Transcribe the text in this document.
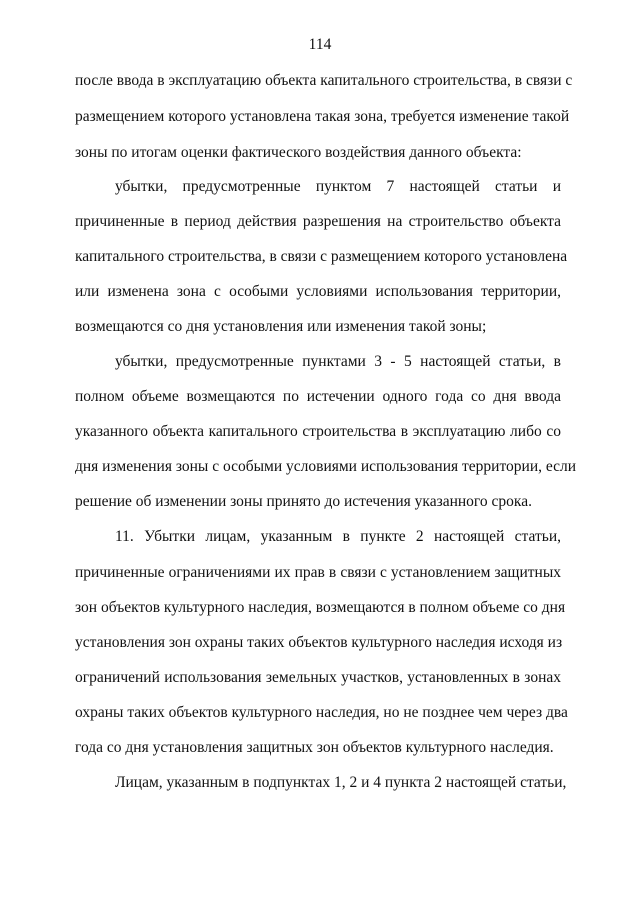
114
после ввода в эксплуатацию объекта капитального строительства, в связи с
размещением которого установлена такая зона, требуется изменение такой
зоны по итогам оценки фактического воздействия данного объекта:
убытки, предусмотренные пунктом 7 настоящей статьи и
причиненные в период действия разрешения на строительство объекта
капитального строительства, в связи с размещением которого установлена
или изменена зона с особыми условиями использования территории,
возмещаются со дня установления или изменения такой зоны;
убытки, предусмотренные пунктами 3 - 5 настоящей статьи, в
полном объеме возмещаются по истечении одного года со дня ввода
указанного объекта капитального строительства в эксплуатацию либо со
дня изменения зоны с особыми условиями использования территории, если
решение об изменении зоны принято до истечения указанного срока.
11. Убытки лицам, указанным в пункте 2 настоящей статьи,
причиненные ограничениями их прав в связи с установлением защитных
зон объектов культурного наследия, возмещаются в полном объеме со дня
установления зон охраны таких объектов культурного наследия исходя из
ограничений использования земельных участков, установленных в зонах
охраны таких объектов культурного наследия, но не позднее чем через два
года со дня установления защитных зон объектов культурного наследия.
Лицам, указанным в подпунктах 1, 2 и 4 пункта 2 настоящей статьи,
